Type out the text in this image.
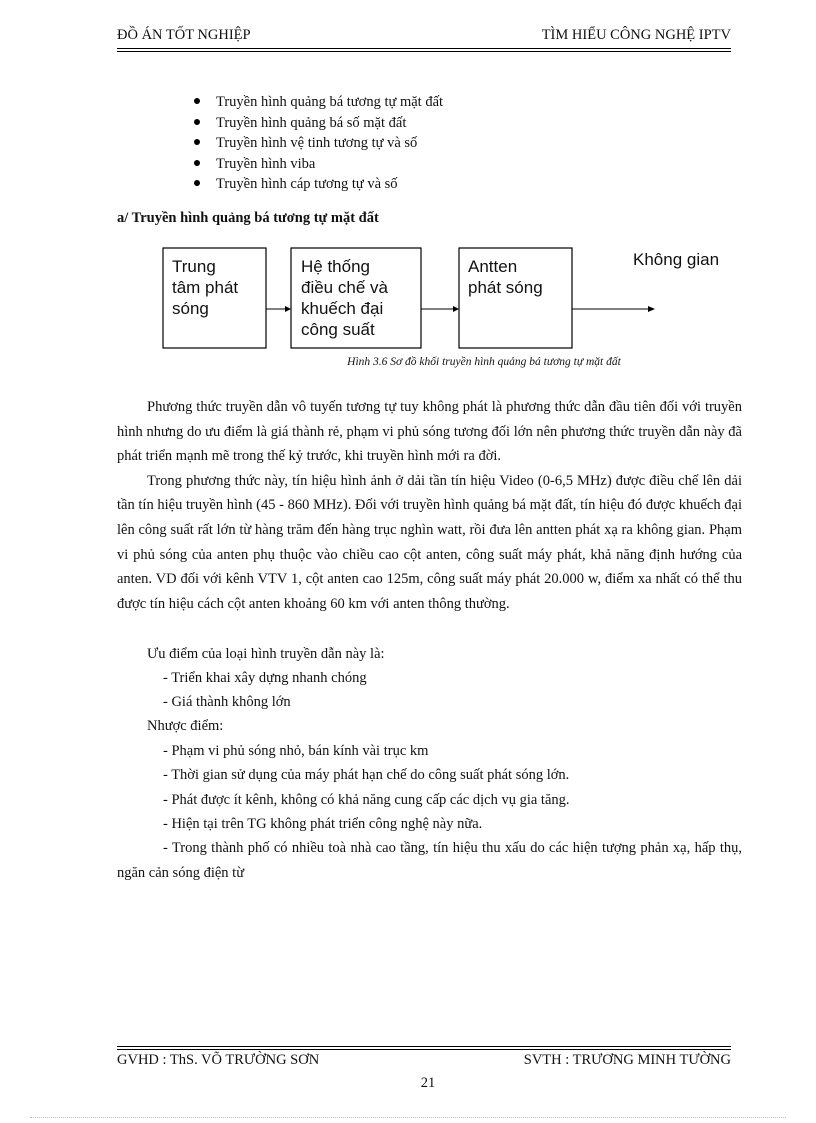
ĐỒ ÁN TỐT NGHIỆP	TÌM HIỂU CÔNG NGHỆ IPTV
Truyền hình quảng bá tương tự mặt đất
Truyền hình quảng bá số mặt đất
Truyền hình vệ tinh tương tự và số
Truyền hình viba
Truyền hình cáp tương tự và số
a/ Truyền hình quảng bá tương tự mặt đất
Trung
tâm phát
sóng
Hệ thống
điều chế và
khuếch đại
công suất
Antten
phát sóng
Không gian
Hình 3.6 Sơ đồ khối truyền hình quảng bá tương tự mặt đất

Phương thức truyền dẫn vô tuyến tương tự tuy không phát là phương thức dẫn đầu tiên đối với truyền hình nhưng do ưu điểm là giá thành rẻ, phạm vi phủ sóng tương đối lớn nên phương thức truyền dẫn này đã phát triển mạnh mẽ trong thế kỷ trước, khi truyền hình mới ra đời.

Trong phương thức này, tín hiệu hình ảnh ở dải tần tín hiệu Video (0-6,5 MHz) được điều chế lên dải tần tín hiệu truyền hình (45 - 860 MHz). Đối với truyền hình quảng bá mặt đất, tín hiệu đó được khuếch đại lên công suất rất lớn từ hàng trăm đến hàng trục nghìn watt, rồi đưa lên antten phát xạ ra không gian. Phạm vi phủ sóng của anten phụ thuộc vào chiều cao cột anten, công suất máy phát, khả năng định hướng của anten. VD đối với kênh VTV 1, cột anten cao 125m, công suất máy phát 20.000 w, điểm xa nhất có thể thu được tín hiệu cách cột anten khoảng 60 km với anten thông thường.

Ưu điểm của loại hình truyền dẫn này là:
- Triển khai xây dựng nhanh chóng
- Giá thành không lớn
Nhược điểm:
- Phạm vi phủ sóng nhỏ, bán kính vài trục km
- Thời gian sử dụng của máy phát hạn chế do công suất phát sóng lớn.
- Phát được ít kênh, không có khả năng cung cấp các dịch vụ gia tăng.
- Hiện tại trên TG không phát triển công nghệ này nữa.

- Trong thành phố có nhiều toà nhà cao tầng, tín hiệu thu xấu do các hiện tượng phản xạ, hấp thụ, ngăn cản sóng điện từ

GVHD : ThS. VÕ TRƯỜNG SƠN	SVTH : TRƯƠNG MINH TƯỜNG
21
